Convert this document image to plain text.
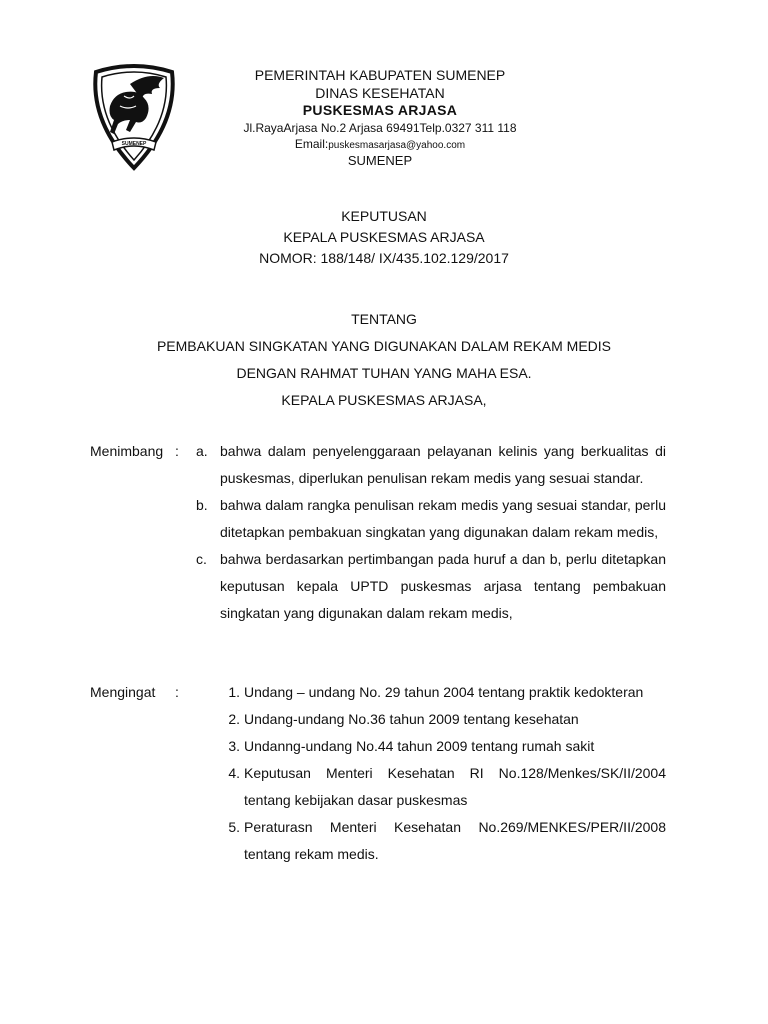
SUMENEP

PEMERINTAH KABUPATEN SUMENEP

DINAS KESEHATAN

PUSKESMAS ARJASA

Jl.RayaArjasa No.2 Arjasa 69491Telp.0327 311 118

Email:puskesmasarjasa@yahoo.com

SUMENEP

KEPUTUSAN

KEPALA PUSKESMAS ARJASA

NOMOR: 188/148/ IX/435.102.129/2017

TENTANG

PEMBAKUAN SINGKATAN YANG DIGUNAKAN DALAM REKAM MEDIS

DENGAN RAHMAT TUHAN YANG MAHA ESA.

KEPALA PUSKESMAS ARJASA,

Menimbang : a. bahwa dalam penyelenggaraan pelayanan kelinis yang berkualitas di puskesmas, diperlukan penulisan rekam medis yang sesuai standar.
b. bahwa dalam rangka penulisan rekam medis yang sesuai standar, perlu ditetapkan pembakuan singkatan yang digunakan dalam rekam medis,
c. bahwa berdasarkan pertimbangan pada huruf a dan b, perlu ditetapkan keputusan kepala UPTD puskesmas arjasa tentang pembakuan singkatan yang digunakan dalam rekam medis,
Mengingat :	1. Undang – undang No. 29 tahun 2004 tentang praktik kedokteran
2. Undang-undang No.36 tahun 2009 tentang kesehatan
3. Undanng-undang No.44 tahun 2009 tentang rumah sakit
4. Keputusan Menteri Kesehatan RI No.128/Menkes/SK/II/2004 tentang kebijakan dasar puskesmas
5. Peraturasn Menteri Kesehatan No.269/MENKES/PER/II/2008 tentang rekam medis.
